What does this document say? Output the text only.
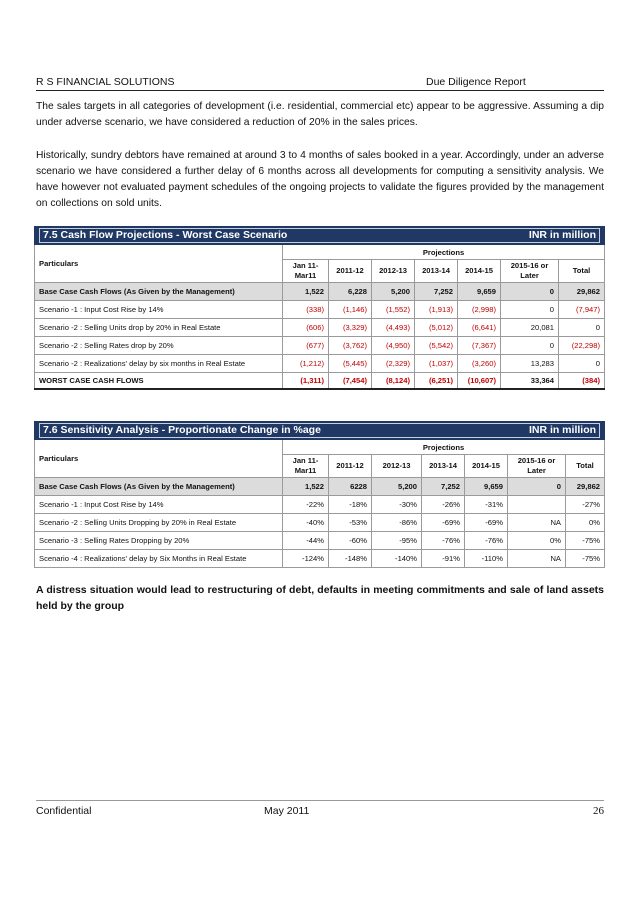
R S FINANCIAL SOLUTIONS	Due Diligence Report

The sales targets in all categories of development (i.e. residential, commercial etc) appear to be aggressive. Assuming a dip under adverse scenario, we have considered a reduction of 20% in the sales prices.

Historically, sundry debtors have remained at around 3 to 4 months of sales booked in a year. Accordingly, under an adverse scenario we have considered a further delay of 6 months across all developments for computing a sensitivity analysis. We have however not evaluated payment schedules of the ongoing projects to validate the figures provided by the management on collections on sold units.

7.5 Cash Flow Projections - Worst Case Scenario INR in million							

Particulars	Projections						
	Jan 11-Mar11	2011-12	2012-13	2013-14	2014-15	2015-16 or Later	Total
Base Case Cash Flows (As Given by the Management)	1,522	6,228	5,200	7,252	9,659	0	29,862
Scenario -1 : Input Cost Rise by 14%	(338)	(1,146)	(1,552)	(1,913)	(2,998)	0	(7,947)
Scenario -2 : Selling Units drop by 20% in Real Estate	(606)	(3,329)	(4,493)	(5,012)	(6,641)	20,081	0
Scenario -2 : Selling Rates drop by 20%	(677)	(3,762)	(4,950)	(5,542)	(7,367)	0	(22,298)
Scenario -2 : Realizations' delay by six months in Real Estate	(1,212)	(5,445)	(2,329)	(1,037)	(3,260)	13,283	0
WORST CASE CASH FLOWS	(1,311)	(7,454)	(8,124)	(6,251)	(10,607)	33,364	(384)
7.6 Sensitivity Analysis - Proportionate Change in %age INR in million							

Particulars	Projections						
	Jan 11-Mar11	2011-12	2012-13	2013-14	2014-15	2015-16 or Later	Total
Base Case Cash Flows (As Given by the Management)	1,522	6228	5,200	7,252	9,659	0	29,862
Scenario -1 : Input Cost Rise by 14%	-22%	-18%	-30%	-26%	-31%		-27%
Scenario -2 : Selling Units Dropping by 20% in Real Estate	-40%	-53%	-86%	-69%	-69%	NA	0%
Scenario -3 : Selling Rates Dropping by 20%	-44%	-60%	-95%	-76%	-76%	0%	-75%
Scenario -4 : Realizations' delay by Six Months in Real Estate	-124%	-148%	-140%	-91%	-110%	NA	-75%

A distress situation would lead to restructuring of debt, defaults in meeting commitments and sale of land assets held by the group

Confidential	May 2011	26
